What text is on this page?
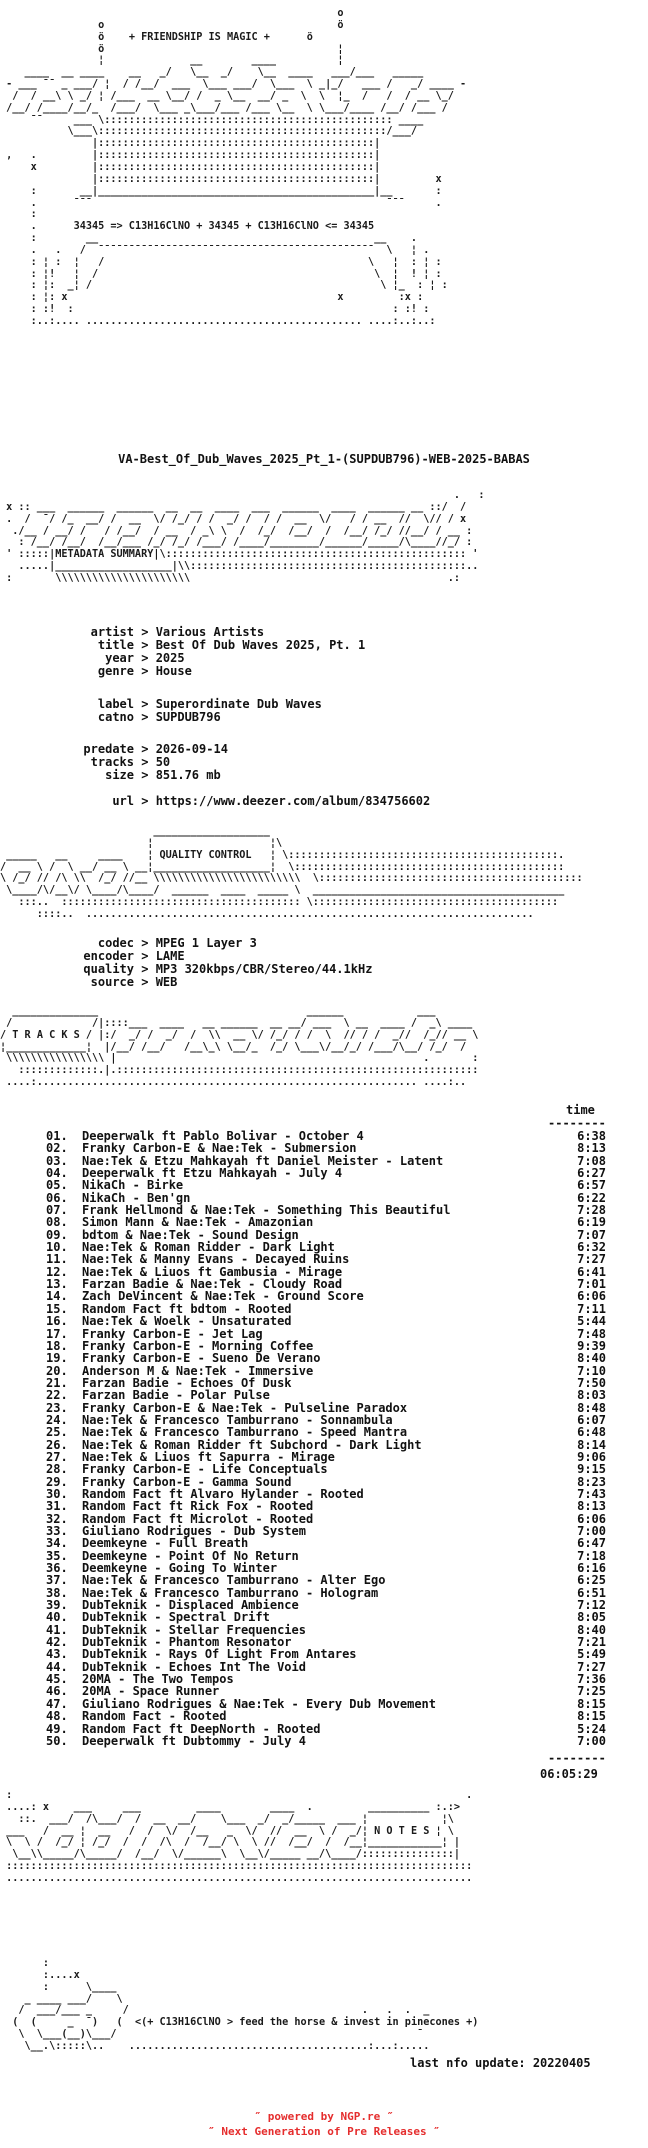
ο
ο                                      ö
ö    + FRIENDSHIP IS MAGIC +	ö
ö                                      ¦
¦              __        ____          ¦
____  __ ____    __   _/   \__  _/    \__  ____   ___/___   _____
- ___ ¯¯ _ ___/ ¦  / /__/  ___  \___ ___/  \___  \ _|_/   ___ /   _/ ____ -
/  / __\ \ _/ ¦ /___  __ \__/ /  _ \__  __/ _  \  \  ¦_  /   /  / __ \_/
/__/ /____/__/_  /___/  \___ _\___/___ /___ \__  \ \___/____ /__/ /___ /
¯¯     ___ \::::::::::::::::::::::::::::::::::::::::::::::: ____
\___\:::::::::::::::::::::::::::::::::::::::::::::::/___/
|:::::::::::::::::::::::::::::::::::::::::::::|
,   .         |:::::::::::::::::::::::::::::::::::::::::::::|
x         |:::::::::::::::::::::::::::::::::::::::::::::|
|:::::::::::::::::::::::::::::::::::::::::::::|         x
:       __|_____________________________________________|__       :
.      ¯¯¯                                                ¯¯¯     .
:
.	34345 => C13H16ClNO + 34345 + C13H16ClNO <= 34345
:        __                                             __    .
.   .   /  ¯¯¯¯¯¯¯¯¯¯¯¯¯¯¯¯¯¯¯¯¯¯¯¯¯¯¯¯¯¯¯¯¯¯¯¯¯¯¯¯¯¯¯¯¯  \   ¦ .
: ¦ :  ¦   /                                           \   ¦  : ¦ :
: ¦!   ¦  /                                             \  ¦  ! ¦ :
: ¦:  _¦ /                                               \ ¦_  : ¦ :
: ¦: x                                            x         :x :
: :!  :                                                    : :! :
:..:.... ............................................. ....:..:..:

VA-Best_Of_Dub_Waves_2025_Pt_1-(SUPDUB796)-WEB-2025-BABAS

.   :
x :: ___  ______  ______  __  __  ____  ___  ______  ____  ______ __ ::/  /
.  /  ¯/ /_  __/ /  __  \/ /_/ / /  _/ /  / /  __  \/   / / __  //  \// / x
./__ / __/ /   / /__/  / __  / _\ \  /  /_/  /__/  /  /__/ /_/ //__/ / __ :
: /__/ /__/  /__/___ /_/ /_/ /___/ /____/________/______/_____/\____//_/ :
' :::::|METADATA SUMMARY|\::::::::::::::::::::::::::::::::::::::::::::::::: '
.....|___________________|\\:::::::::::::::::::::::::::::::::::::::::::::..
:       \\\\\\\\\\\\\\\\\\\\\\                                          .:

artist > Various Artists

title > Best Of Dub Waves 2025, Pt. 1

year > 2025

genre > House

label > Superordinate Dub Waves

catno > SUPDUB796

predate > 2026-09-14

tracks > 50

size > 851.76 mb

url > https://www.deezer.com/album/834756602

___________________
¦                   ¦\
_____   __     ____    ¦ QUALITY CONTROL   ¦ \::::::::::::::::::::::::::::::::::::::::::::.
/  __ \ /  \ __/ __ \ __¦___________________¦  \::::::::::::::::::::::::::::::::::::::::::::
\ /_/ // /\ \\  /_/ //__ \\\\\\\\\\\\\\\\\\\\\\\\  \:::::::::::::::::::::::::::::::::::::::::::
\____/\/__\/ \____/\____/  ______  ____  _____ \  _________________________________________
:::..  ::::::::::::::::::::::::::::::::::::::: \::::::::::::::::::::::::::::::::::::::::
::::..  .........................................................................

codec > MPEG 1 Layer 3

encoder > LAME

quality > MP3 320kbps/CBR/Stereo/44.1kHz

source > WEB

______________                                  ______            ___
/             /|::::___  ____   __ ______  __ __/ ___  \ __  ____ /  _\ ____
/ T R A C K S / |:/  _/ /  _/  /  \\  __ \/ /_/ / /  \  // / /  _//  /_// __ \
¦_____________¦  |/__/ /__/   /__\_\ \__/_  /_/ \___\/__/_/ /___/\__/ /_/  /
\\\\\\\\\\\\\\\\ |                                                  .       :
:::::::::::::.|.:::::::::::::::::::::::::::::::::::::::::::::::::::::::::::
....:.............................................................. ....:..

time

--------

01. Deeperwalk ft Pablo Bolivar - October 4	6:38
02. Franky Carbon-E & Nae:Tek - Submersion	8:13
03. Nae:Tek & Etzu Mahkayah ft Daniel Meister - Latent	7:08
04. Deeperwalk ft Etzu Mahkayah - July 4	6:27
05. NikaCh - Birke	6:57
06. NikaCh - Ben'gn	6:22
07. Frank Hellmond & Nae:Tek - Something This Beautiful	7:28
08. Simon Mann & Nae:Tek - Amazonian	6:19
09. bdtom & Nae:Tek - Sound Design	7:07
10. Nae:Tek & Roman Ridder - Dark Light	6:32
11. Nae:Tek & Manny Evans - Decayed Ruins	7:27
12. Nae:Tek & Liuos ft Gambusia - Mirage	6:41
13. Farzan Badie & Nae:Tek - Cloudy Road	7:01
14. Zach DeVincent & Nae:Tek - Ground Score	6:06
15. Random Fact ft bdtom - Rooted	7:11
16. Nae:Tek & Woelk - Unsaturated	5:44
17. Franky Carbon-E - Jet Lag	7:48
18. Franky Carbon-E - Morning Coffee	9:39
19. Franky Carbon-E - Sueno De Verano	8:40
20. Anderson M & Nae:Tek - Immersive	7:10
21. Farzan Badie - Echoes Of Dusk	7:50
22. Farzan Badie - Polar Pulse	8:03
23. Franky Carbon-E & Nae:Tek - Pulseline Paradox	8:48
24. Nae:Tek & Francesco Tamburrano - Sonnambula	6:07
25. Nae:Tek & Francesco Tamburrano - Speed Mantra	6:48
26. Nae:Tek & Roman Ridder ft Subchord - Dark Light	8:14
27. Nae:Tek & Liuos ft Sapurra - Mirage	9:06
28. Franky Carbon-E - Life Conceptuals	9:15
29. Franky Carbon-E - Gamma Sound	8:23
30. Random Fact ft Alvaro Hylander - Rooted	7:43
31. Random Fact ft Rick Fox - Rooted	8:13
32. Random Fact ft Microlot - Rooted	6:06
33. Giuliano Rodrigues - Dub System	7:00
34. Deemkeyne - Full Breath	6:47
35. Deemkeyne - Point Of No Return	7:18
36. Deemkeyne - Going To Winter	6:16
37. Nae:Tek & Francesco Tamburrano - Alter Ego	6:25
38. Nae:Tek & Francesco Tamburrano - Hologram	6:51
39. DubTeknik - Displaced Ambience	7:12
40. DubTeknik - Spectral Drift	8:05
41. DubTeknik - Stellar Frequencies	8:40
42. DubTeknik - Phantom Resonator	7:21
43. DubTeknik - Rays Of Light From Antares	5:49
44. DubTeknik - Echoes Int The Void	7:27
45. 20MA - The Two Tempos	7:36
46. 20MA - Space Runner	7:25
47. Giuliano Rodrigues & Nae:Tek - Every Dub Movement	8:15
48. Random Fact - Rooted	8:15
49. Random Fact ft DeepNorth - Rooted	5:24
50. Deeperwalk ft Dubtommy - July 4	7:00

--------

06:05:29

:                                                                          .
....: x    ___     ___         ____        ____  .         __________ :.:>
::.  ___/  /\___/  /  __  __/    \___  _/  _/_____  ___ ¦            ¦\
___   /  __ ¦  __   /  /  \/  /__   _  \/  //  __  \ /  _/¦ N O T E S ¦ \
\  \ /  /_/ ¦ /_/  /  /  /\  /  /__/ \  \ //  /__/  /  /__¦____________¦ |
\__\\_____/\_____/  /__/  \/______\  \__\/_____ __/\____/:::::::::::::::|
::::::::::::::::::::::::::::::::::::::::::::::::::::::::::::::::::::::::::::
............................................................................

:
:....x
:      \____
_ ____ ___/    \
/  ___/___ _     /                                      .   .  .  _
(  (     _  ¯)   (  <(+ C13H16ClNO > feed the horse & invest in pinecones +)
\  \___(__)\___/                                                 ¯
\__.\:::::\..    .......................................:...:.....

last nfo update: 20220405

″ powered by NGP.re ″

″ Next Generation of Pre Releases ″
